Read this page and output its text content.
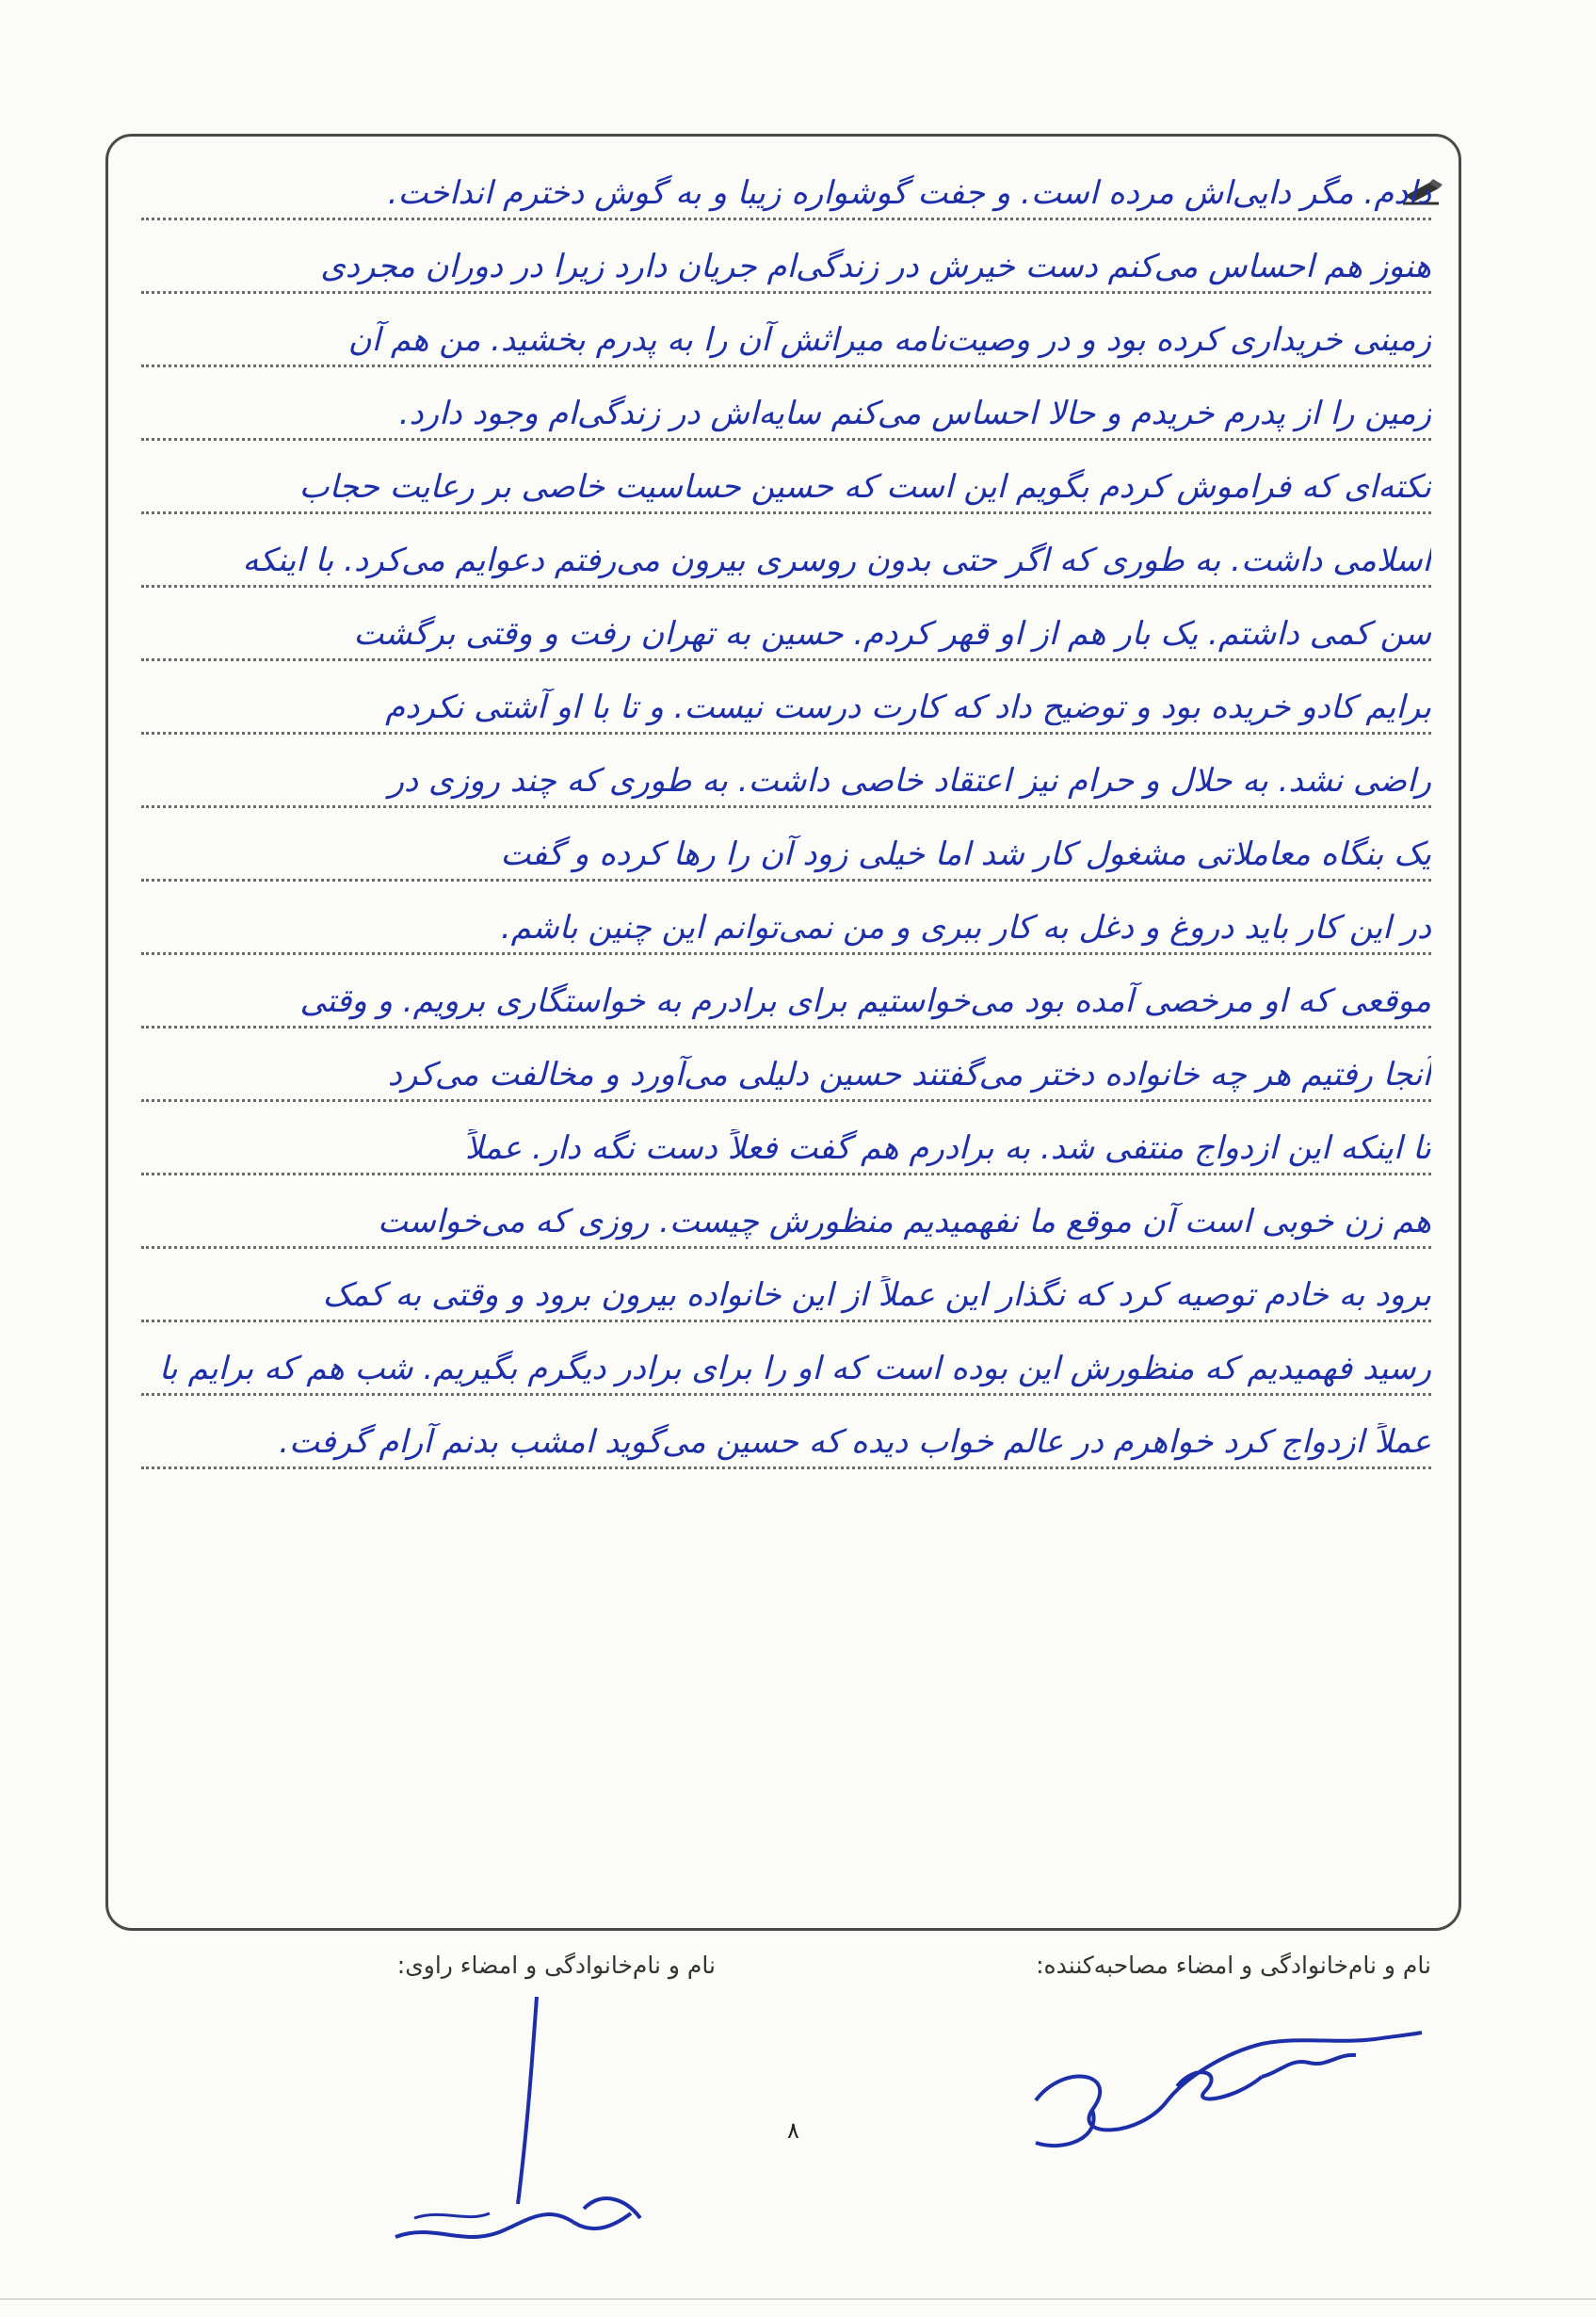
دادم. مگر دایی‌اش مرده است. و جفت گوشواره زیبا و به گوش دخترم انداخت.
هنوز هم احساس می‌کنم دست خیرش در زندگی‌ام جریان دارد زیرا در دوران مجردی
زمینی خریداری کرده بود و در وصیت‌نامه میراثش آن را به پدرم بخشید. من هم آن
زمین را از پدرم خریدم و حالا احساس می‌کنم سایه‌اش در زندگی‌ام وجود دارد.
نکته‌ای که فراموش کردم بگویم این است که حسین حساسیت خاصی بر رعایت حجاب
اسلامی داشت. به طوری که اگر حتی بدون روسری بیرون می‌رفتم دعوایم می‌کرد. با اینکه
سن کمی داشتم. یک بار هم از او قهر کردم. حسین به تهران رفت و وقتی برگشت
برایم کادو خریده بود و توضیح داد که کارت درست نیست. و تا با او آشتی نکردم
راضی نشد. به حلال و حرام نیز اعتقاد خاصی داشت. به طوری که چند روزی در
یک بنگاه معاملاتی مشغول کار شد اما خیلی زود آن را رها کرده و گفت
در این کار باید دروغ و دغل به کار ببری و من نمی‌توانم این چنین باشم.
موقعی که او مرخصی آمده بود می‌خواستیم برای برادرم به خواستگاری برویم. و وقتی
آنجا رفتیم هر چه خانواده دختر می‌گفتند حسین دلیلی می‌آورد و مخالفت می‌کرد
تا اینکه این ازدواج منتفی شد. به برادرم هم گفت فعلاً دست نگه دار. عملاً
هم زن خوبی است آن موقع ما نفهمیدیم منظورش چیست. روزی که می‌خواست
برود به خادم توصیه کرد که نگذار این عملاً از این خانواده بیرون برود و وقتی به کمک
رسید فهمیدیم که منظورش این بوده است که او را برای برادر دیگرم بگیریم. شب هم که برایم با
عملاً ازدواج کرد خواهرم در عالم خواب دیده که حسین می‌گوید امشب بدنم آرام گرفت.
نام و نام‌خانوادگی و امضاء مصاحبه‌کننده:
نام و نام‌خانوادگی و امضاء راوی:
۸
